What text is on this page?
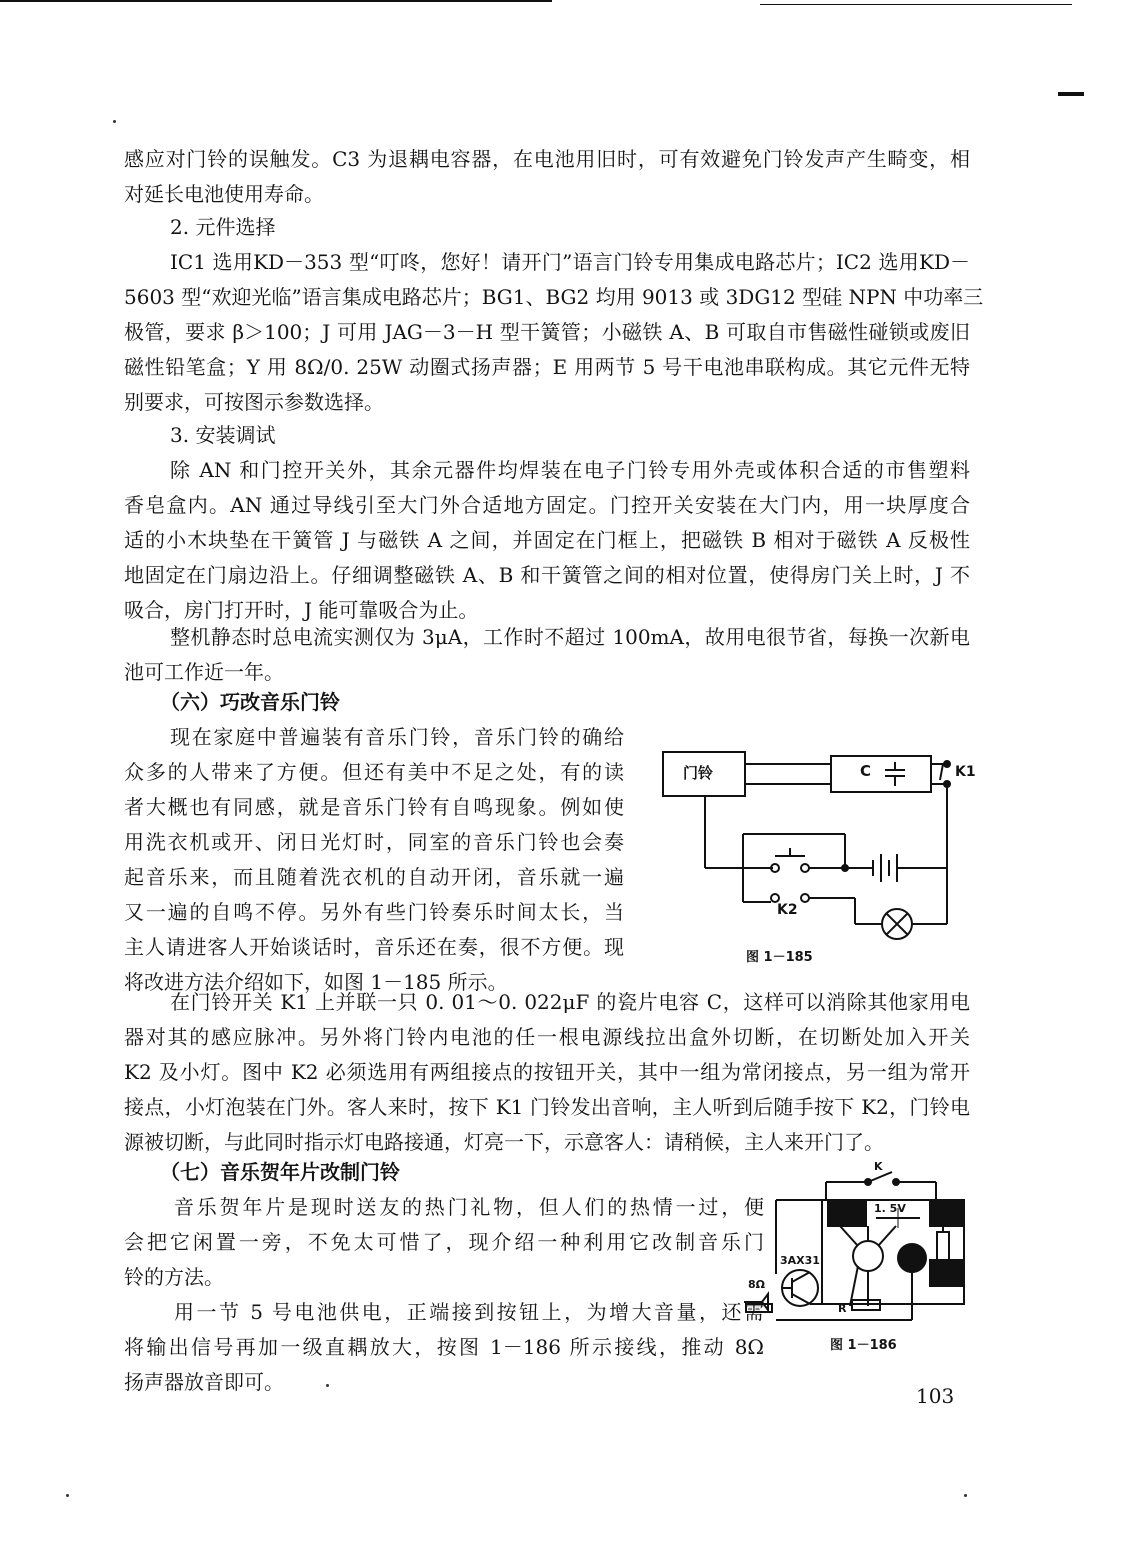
感应对门铃的误触发。C3 为退耦电容器，在电池用旧时，可有效避免门铃发声产生畸变，相
对延长电池使用寿命。
2. 元件选择
IC1 选用KD－353 型“叮咚，您好！请开门”语言门铃专用集成电路芯片；IC2 选用KD－
5603 型“欢迎光临”语言集成电路芯片；BG1、BG2 均用 9013 或 3DG12 型硅 NPN 中功率三
极管，要求 β＞100；J 可用 JAG－3－H 型干簧管；小磁铁 A、B 可取自市售磁性碰锁或废旧
磁性铅笔盒；Y 用 8Ω/0. 25W 动圈式扬声器；E 用两节 5 号干电池串联构成。其它元件无特
别要求，可按图示参数选择。
3. 安装调试
除 AN 和门控开关外，其余元器件均焊装在电子门铃专用外壳或体积合适的市售塑料
香皂盒内。AN 通过导线引至大门外合适地方固定。门控开关安装在大门内，用一块厚度合
适的小木块垫在干簧管 J 与磁铁 A 之间，并固定在门框上，把磁铁 B 相对于磁铁 A 反极性
地固定在门扇边沿上。仔细调整磁铁 A、B 和干簧管之间的相对位置，使得房门关上时，J 不
吸合，房门打开时，J 能可靠吸合为止。
整机静态时总电流实测仅为 3μA，工作时不超过 100mA，故用电很节省，每换一次新电
池可工作近一年。
（六）巧改音乐门铃
现在家庭中普遍装有音乐门铃，音乐门铃的确给
众多的人带来了方便。但还有美中不足之处，有的读
者大概也有同感，就是音乐门铃有自鸣现象。例如使
用洗衣机或开、闭日光灯时，同室的音乐门铃也会奏
起音乐来，而且随着洗衣机的自动开闭，音乐就一遍
又一遍的自鸣不停。另外有些门铃奏乐时间太长，当
主人请进客人开始谈话时，音乐还在奏，很不方便。现
将改进方法介绍如下，如图 1－185 所示。
门铃	C	K1
K2
图 1－185
在门铃开关 K1 上并联一只 0. 01～0. 022μF 的瓷片电容 C，这样可以消除其他家用电
器对其的感应脉冲。另外将门铃内电池的任一根电源线拉出盒外切断，在切断处加入开关
K2 及小灯。图中 K2 必须选用有两组接点的按钮开关，其中一组为常闭接点，另一组为常开
接点，小灯泡装在门外。客人来时，按下 K1 门铃发出音响，主人听到后随手按下 K2，门铃电
源被切断，与此同时指示灯电路接通，灯亮一下，示意客人：请稍候，主人来开门了。
（七）音乐贺年片改制门铃
音乐贺年片是现时送友的热门礼物，但人们的热情一过，便
会把它闲置一旁，不免太可惜了，现介绍一种利用它改制音乐门
铃的方法。
用一节 5 号电池供电，正端接到按钮上，为增大音量，还需
将输出信号再加一级直耦放大，按图 1－186 所示接线，推动 8Ω
扬声器放音即可。
K
1. 5V
3AX31
8Ω
R
图 1－186
103
